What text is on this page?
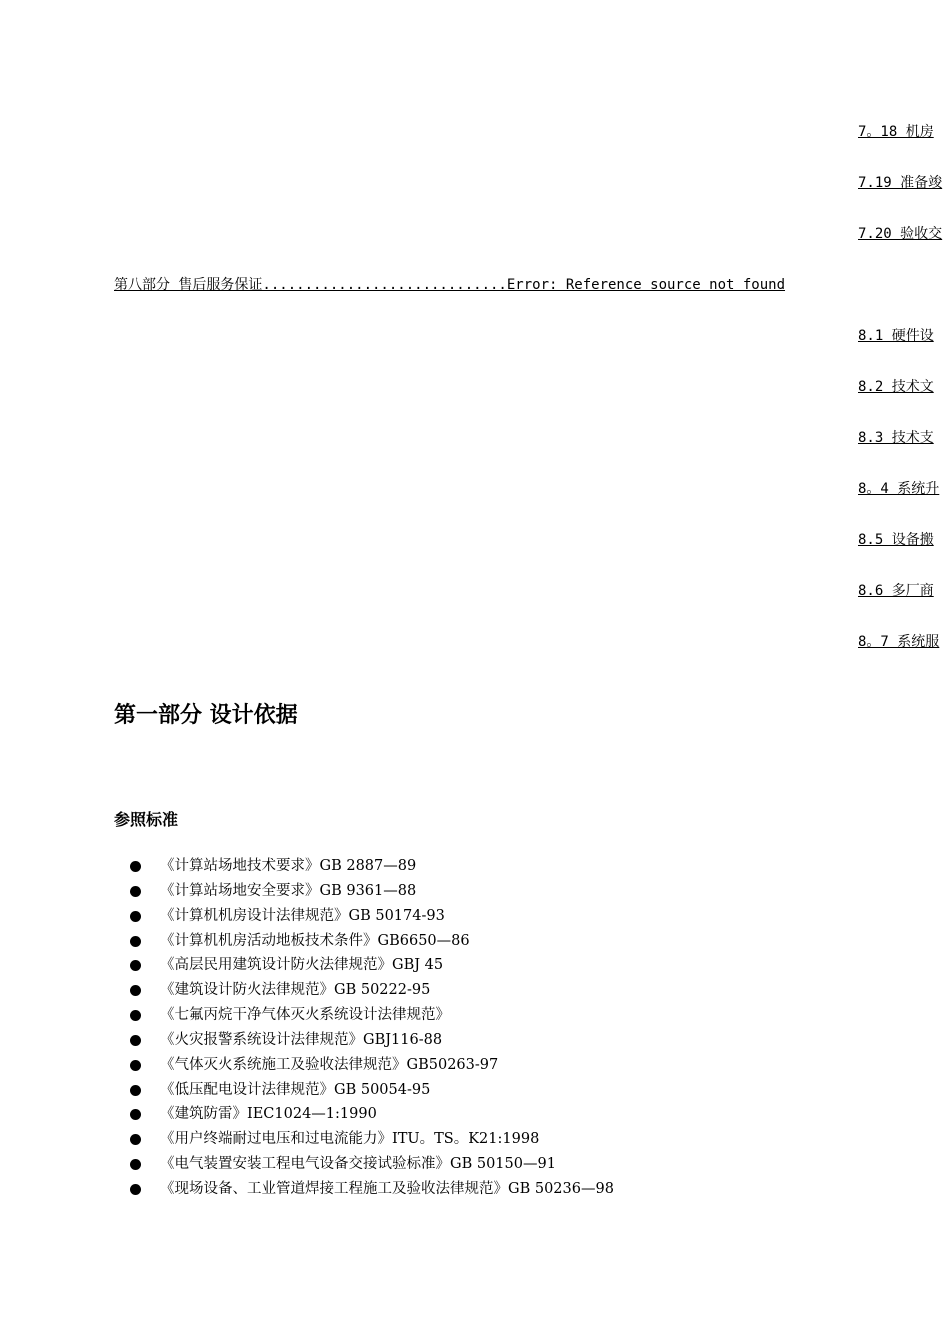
7。18 机房
7.19 准备竣
7.20 验收交
第八部分 售后服务保证.............................Error: Reference source not found
8.1 硬件设
8.2 技术文
8.3 技术支
8。4 系统升
8.5 设备搬
8.6 多厂商
8。7 系统服
第一部分 设计依据
参照标准
《计算站场地技术要求》GB 2887—89
《计算站场地安全要求》GB 9361—88
《计算机机房设计法律规范》GB 50174-93
《计算机机房活动地板技术条件》GB6650—86
《高层民用建筑设计防火法律规范》GBJ 45
《建筑设计防火法律规范》GB 50222-95
《七氟丙烷干净气体灭火系统设计法律规范》
《火灾报警系统设计法律规范》GBJ116-88
《气体灭火系统施工及验收法律规范》GB50263-97
《低压配电设计法律规范》GB 50054-95
《建筑防雷》IEC1024—1:1990
《用户终端耐过电压和过电流能力》ITU。TS。K21:1998
《电气装置安装工程电气设备交接试验标准》GB 50150—91
《现场设备、工业管道焊接工程施工及验收法律规范》GB 50236—98
